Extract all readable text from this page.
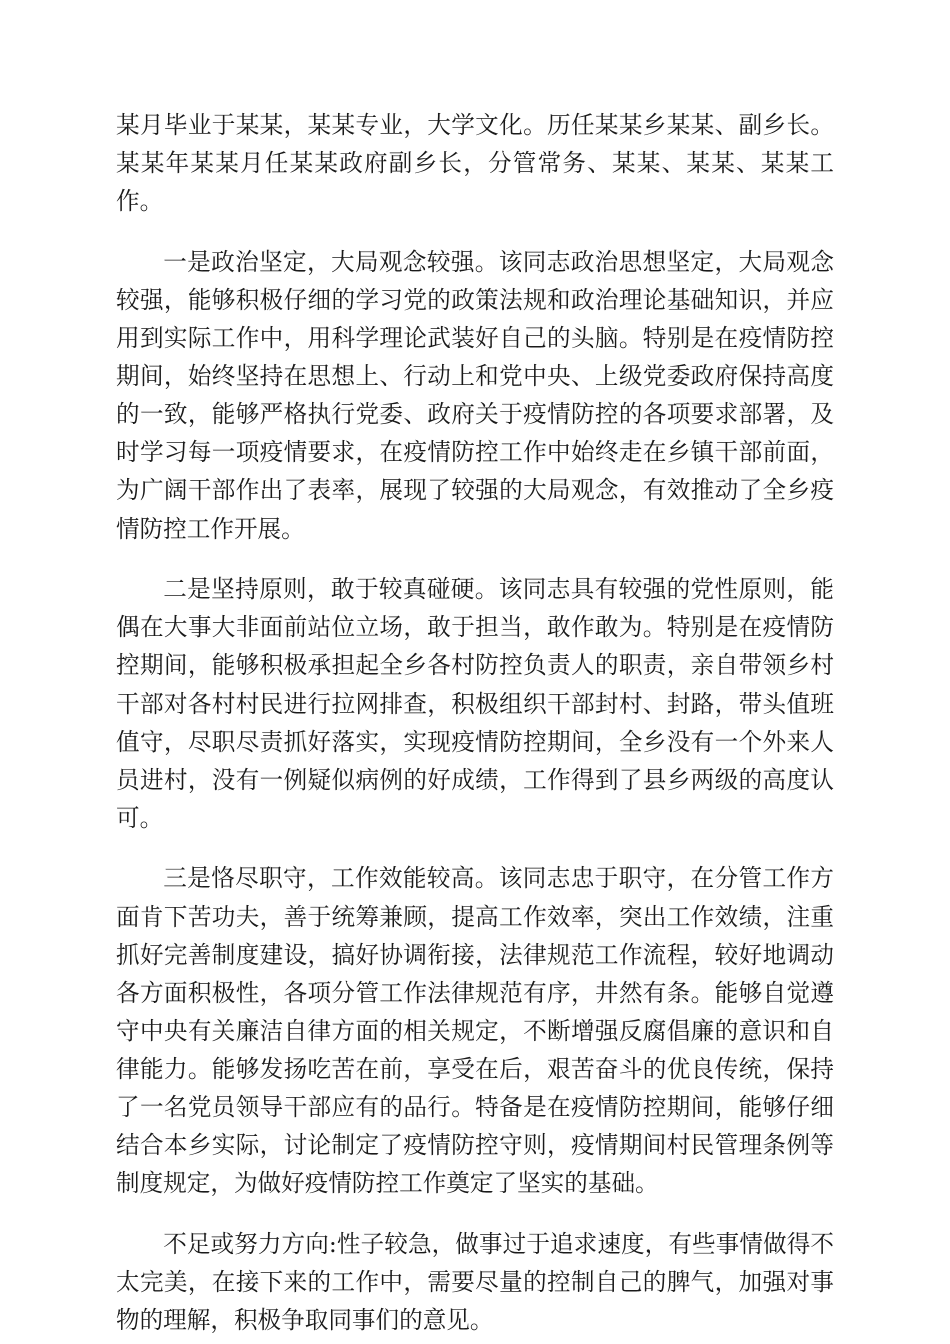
某月毕业于某某，某某专业，大学文化。历任某某乡某某、副乡长。某某年某某月任某某政府副乡长，分管常务、某某、某某、某某工作。

一是政治坚定，大局观念较强。该同志政治思想坚定，大局观念较强，能够积极仔细的学习党的政策法规和政治理论基础知识，并应用到实际工作中，用科学理论武装好自己的头脑。特别是在疫情防控期间，始终坚持在思想上、行动上和党中央、上级党委政府保持高度的一致，能够严格执行党委、政府关于疫情防控的各项要求部署，及时学习每一项疫情要求，在疫情防控工作中始终走在乡镇干部前面，为广阔干部作出了表率，展现了较强的大局观念，有效推动了全乡疫情防控工作开展。

二是坚持原则，敢于较真碰硬。该同志具有较强的党性原则，能偶在大事大非面前站位立场，敢于担当，敢作敢为。特别是在疫情防控期间，能够积极承担起全乡各村防控负责人的职责，亲自带领乡村干部对各村村民进行拉网排查，积极组织干部封村、封路，带头值班值守，尽职尽责抓好落实，实现疫情防控期间，全乡没有一个外来人员进村，没有一例疑似病例的好成绩，工作得到了县乡两级的高度认可。

三是恪尽职守，工作效能较高。该同志忠于职守，在分管工作方面肯下苦功夫，善于统筹兼顾，提高工作效率，突出工作效绩，注重抓好完善制度建设，搞好协调衔接，法律规范工作流程，较好地调动各方面积极性，各项分管工作法律规范有序，井然有条。能够自觉遵守中央有关廉洁自律方面的相关规定，不断增强反腐倡廉的意识和自律能力。能够发扬吃苦在前，享受在后，艰苦奋斗的优良传统，保持了一名党员领导干部应有的品行。特备是在疫情防控期间，能够仔细结合本乡实际，讨论制定了疫情防控守则，疫情期间村民管理条例等制度规定，为做好疫情防控工作奠定了坚实的基础。

不足或努力方向:性子较急，做事过于追求速度，有些事情做得不太完美，在接下来的工作中，需要尽量的控制自己的脾气，加强对事物的理解，积极争取同事们的意见。
